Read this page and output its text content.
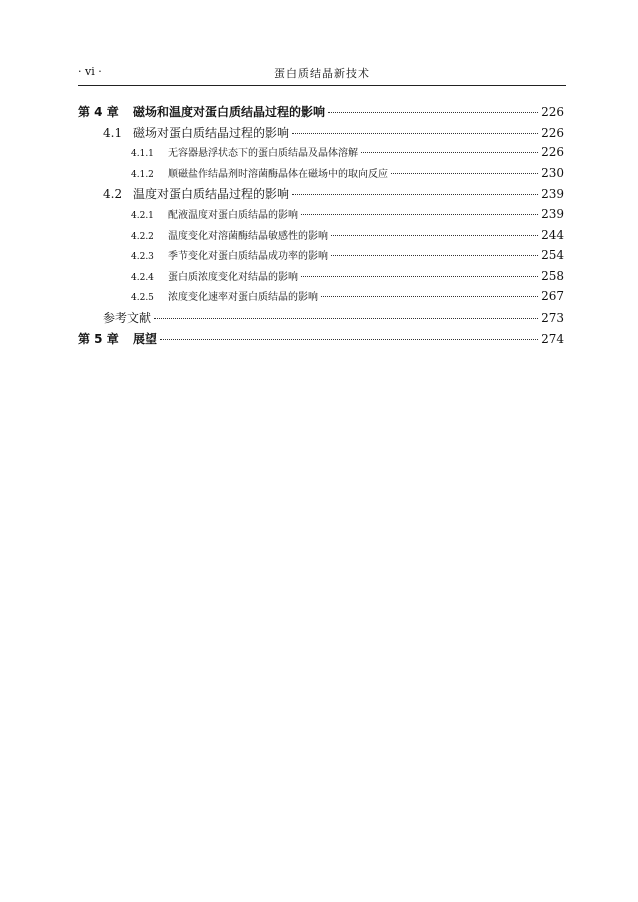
· vi ·	蛋白质结晶新技术
第 4 章 磁场和温度对蛋白质结晶过程的影响	226
4.1 磁场对蛋白质结晶过程的影响	226
4.1.1 无容器悬浮状态下的蛋白质结晶及晶体溶解	226
4.1.2 顺磁盐作结晶剂时溶菌酶晶体在磁场中的取向反应	230
4.2 温度对蛋白质结晶过程的影响	239
4.2.1 配液温度对蛋白质结晶的影响	239
4.2.2 温度变化对溶菌酶结晶敏感性的影响	244
4.2.3 季节变化对蛋白质结晶成功率的影响	254
4.2.4 蛋白质浓度变化对结晶的影响	258
4.2.5 浓度变化速率对蛋白质结晶的影响	267
参考文献	273
第 5 章 展望	274
